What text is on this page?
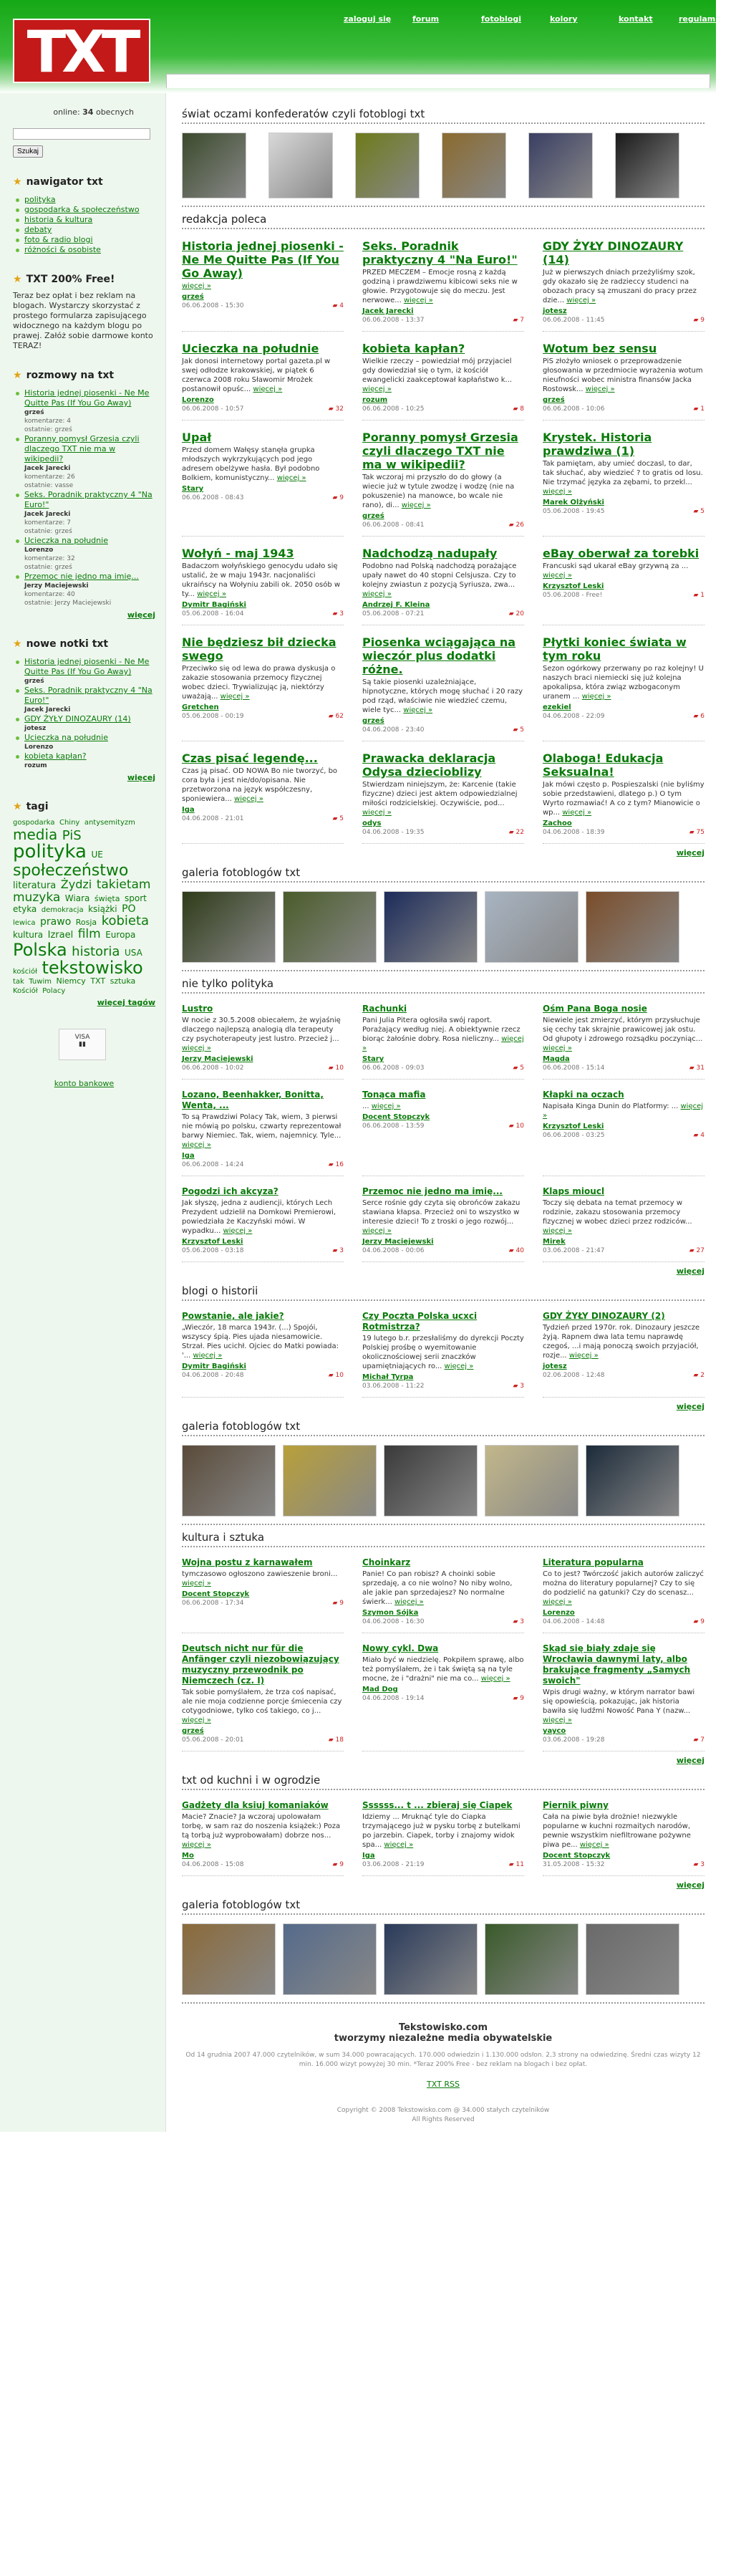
TXT	zaloguj się	forum	fotoblogi	kolory	kontakt	regulamin
online: 34 obecnych
Szukaj
★ nawigator txt
polityka
gospodarka & społeczeństwo
historia & kultura
debaty
foto & radio blogi
różności & osobiste
★ TXT 200% Free!

Teraz bez opłat i bez reklam na blogach. Wystarczy skorzystać z prostego formularza zapisującego widocznego na każdym blogu po prawej. Załóż sobie darmowe konto TERAZ!

★ rozmowy na txt
Historia jednej piosenki - Ne Me Quitte Pas (If You Go Away)
grześ
komentarze: 4
ostatnie: grześ
Poranny pomysł Grzesia czyli dlaczego TXT nie ma w wikipedii?
Jacek Jarecki
komentarze: 26
ostatnie: vasse
Seks. Poradnik praktyczny 4 "Na Euro!"
Jacek Jarecki
komentarze: 7
ostatnie: grześ
Ucieczka na południe
Lorenzo
komentarze: 32
ostatnie: grześ
Przemoc nie jedno ma imię...
Jerzy Maciejewski
komentarze: 40
ostatnie: Jerzy Maciejewski
więcej
★ nowe notki txt
Historia jednej piosenki - Ne Me Quitte Pas (If You Go Away)
grześ
Seks. Poradnik praktyczny 4 "Na Euro!"
Jacek Jarecki
GDY ŻYŁY DINOZAURY (14)
jotesz
Ucieczka na południe
Lorenzo
kobieta kapłan?
rozum
więcej
★ tagi
gospodarka Chiny antysemityzm media PiS polityka UE społeczeństwo literatura Żydzi takietam muzyka Wiara święta sport etyka demokracja książki PO lewica prawo Rosja kobieta kultura Izrael film Europa Polska historia USA kościół tekstowisko tak Tuwim Niemcy TXT sztuka Kościół Polacy
więcej tagów
VISA
▮▮
konto bankowe
świat oczami konfederatów czyli fotoblogi txt
redakcja poleca
Historia jednej piosenki - Ne Me Quitte Pas (If You Go Away)

więcej »

grześ
06.06.2008 - 15:30	▰ 4
Seks. Poradnik praktyczny 4 "Na Euro!"

PRZED MECZEM – Emocje rosną z każdą godziną i prawdziwemu kibicowi seks nie w głowie. Przygotowuje się do meczu. Jest nerwowe... więcej »

Jacek Jarecki
06.06.2008 - 13:37	▰ 7
GDY ŻYŁY DINOZAURY (14)

Już w pierwszych dniach przeżyliśmy szok, gdy okazało się że radzieccy studenci na obozach pracy są zmuszani do pracy przez dzie... więcej »

jotesz
06.06.2008 - 11:45	▰ 9
Ucieczka na południe

Jak donosi internetowy portal gazeta.pl w swej odłodze krakowskiej, w piątek 6 czerwca 2008 roku Sławomir Mrożek postanowił opuśc... więcej »

Lorenzo
06.06.2008 - 10:57	▰ 32
kobieta kapłan?

Wielkie rzeczy – powiedział mój przyjaciel gdy dowiedział się o tym, iż kościół ewangelicki zaakceptował kapłaństwo k... więcej »

rozum
06.06.2008 - 10:25	▰ 8
Wotum bez sensu

PiS złożyło wniosek o przeprowadzenie głosowania w przedmiocie wyrażenia wotum nieufności wobec ministra finansów Jacka Rostowsk... więcej »

grześ
06.06.2008 - 10:06	▰ 1
Upał

Przed domem Wałęsy stanęła grupka młodszych wykrzykujących pod jego adresem obelżywe hasła. Był podobno Bolkiem, komunistyczny... więcej »

Stary
06.06.2008 - 08:43	▰ 9
Poranny pomysł Grzesia czyli dlaczego TXT nie ma w wikipedii?

Tak wczoraj mi przyszło do do głowy (a wiecie już w tytule zwodzę i wodzę (nie na pokuszenie) na manowce, bo wcale nie rano), di... więcej »

grześ
06.06.2008 - 08:41	▰ 26
Krystek. Historia prawdziwa (1)

Tak pamiętam, aby umieć doczasl, to dar, tak słuchać, aby wiedzieć ? to gratis od losu. Nie trzymać języka za zębami, to przekl... więcej »

Marek Olżyński
05.06.2008 - 19:45	▰ 5
Wołyń - maj 1943

Badaczom wołyńskiego genocydu udało się ustalić, że w maju 1943r. nacjonaliści ukraińscy na Wołyniu zabili ok. 2050 osób w ty... więcej »

Dymitr Bagiński
05.06.2008 - 16:04	▰ 3
Nadchodzą nadupały

Podobno nad Polską nadchodzą porażające upały nawet do 40 stopni Celsjusza. Czy to kolejny zwiastun z pozycją Syriusza, zwa... więcej »

Andrzej F. Kleina
05.06.2008 - 07:21	▰ 20
eBay oberwał za torebki

Francuski sąd ukarał eBay grzywną za ... więcej »

Krzysztof Leski
05.06.2008 - Free!	▰ 1
Nie będziesz bił dziecka swego

Przeciwko się od lewa do prawa dyskusja o zakazie stosowania przemocy fizycznej wobec dzieci. Trywializując ją, niektórzy uważają... więcej »

Gretchen
05.06.2008 - 00:19	▰ 62
Piosenka wciągająca na wieczór plus dodatki różne.

Są takie piosenki uzależniające, hipnotyczne, których mogę słuchać i 20 razy pod rząd, właściwie nie wiedzieć czemu, wiele tyc... więcej »

grześ
04.06.2008 - 23:40	▰ 5
Płytki koniec świata w tym roku

Sezon ogórkowy przerwany po raz kolejny! U naszych braci niemiecki się już kolejna apokalipsa, która związ wzbogaconym uranem ... więcej »

ezekiel
04.06.2008 - 22:09	▰ 6
Czas pisać legendę...

Czas ją pisać. OD NOWA Bo nie tworzyć, bo cora była i jest nie/do/opisana. Nie przetworzona na język współczesny, sponiewiera... więcej »

Iga
04.06.2008 - 21:01	▰ 5
Prawacka deklaracja Odysa dziecioblizy

Stwierdzam niniejszym, że: Karcenie (takie fizyczne) dzieci jest aktem odpowiedzialnej miłości rodzicielskiej. Oczywiście, pod... więcej »

odys
04.06.2008 - 19:35	▰ 22
Olaboga! Edukacja Seksualna!

Jak mówi często p. Pospieszalski (nie byliśmy sobie przedstawieni, dlatego p.) O tym Wyrto rozmawiać! A co z tym? Mianowicie o wp... więcej »

Zachoo
04.06.2008 - 18:39	▰ 75
więcej
galeria fotoblogów txt
nie tylko polityka
Lustro

W nocie z 30.5.2008 obiecałem, że wyjaśnię dlaczego najlepszą analogią dla terapeuty czy psychoterapeuty jest lustro. Przecież j... więcej »

Jerzy Maciejewski
06.06.2008 - 10:02	▰ 10
Rachunki

Pani Julia Pitera ogłosiła swój raport. Porażający według niej. A obiektywnie rzecz biorąc żałośnie dobry. Rosa nieliczny... więcej »

Stary
06.06.2008 - 09:03	▰ 5
Ośm Pana Boga nosie

Niewiele jest zmierzyć, którym przysłuchuje się cechy tak skrajnie prawicowej jak ostu. Od głupoty i zdrowego rozsądku poczyniąc... więcej »

Magda
06.06.2008 - 15:14	▰ 31
Lozano, Beenhakker, Bonitta, Wenta, ...

To są Prawdziwi Polacy Tak, wiem, 3 pierwsi nie mówią po polsku, czwarty reprezentował barwy Niemiec. Tak, wiem, najemnicy. Tyle... więcej »

Iga
06.06.2008 - 14:24	▰ 16
Tonąca mafia

... więcej »

Docent Stopczyk
06.06.2008 - 13:59	▰ 10
Kłapki na oczach

Napisała Kinga Dunin do Platformy: ... więcej »

Krzysztof Leski
06.06.2008 - 03:25	▰ 4
Pogodzi ich akcyza?

Jak słyszę, jedna z audiencji, których Lech Prezydent udzielił na Domkowi Premierowi, powiedziała że Kaczyński mówi. W wypadku... więcej »

Krzysztof Leski
05.06.2008 - 03:18	▰ 3
Przemoc nie jedno ma imię...

Serce rośnie gdy czyta się obrońców zakazu stawiana kłapsa. Przecież oni to wszystko w interesie dzieci! To z troski o jego rozwój... więcej »

Jerzy Maciejewski
04.06.2008 - 00:06	▰ 40
Klaps mioucl

Toczy się debata na temat przemocy w rodzinie, zakazu stosowania przemocy fizycznej w wobec dzieci przez rodziców... więcej »

Mirek
03.06.2008 - 21:47	▰ 27
więcej
blogi o historii
Powstanie, ale jakie?

„Wieczór, 18 marca 1943r. (...) Spojói, wszyscy śpią. Pies ujada niesamowicie. Strzał. Pies ucichł. Ojciec do Matki powiada: '... więcej »

Dymitr Bagiński
04.06.2008 - 20:48	▰ 10
Czy Poczta Polska ucxci Rotmistrza?

19 lutego b.r. przesłaliśmy do dyrekcji Poczty Polskiej prośbę o wyemitowanie okolicznościowej serii znaczków upamiętniających ro... więcej »

Michał Tyrpa
03.06.2008 - 11:22	▰ 3
GDY ŻYŁY DINOZAURY (2)

Tydzień przed 1970r. rok. Dinozaury jeszcze żyją. Rapnem dwa lata temu naprawdę czegoś, ...i mają ponoczą swoich przyjaciół, rozje... więcej »

jotesz
02.06.2008 - 12:48	▰ 2
więcej
galeria fotoblogów txt
kultura i sztuka
Wojna postu z karnawałem

tymczasowo ogłoszono zawieszenie broni... więcej »

Docent Stopczyk
06.06.2008 - 17:34	▰ 9
Choinkarz

Panie! Co pan robisz? A choinki sobie sprzedaję, a co nie wolno? No niby wolno, ale jakie pan sprzedajesz? No normalne świerk... więcej »

Szymon Sójka
04.06.2008 - 16:30	▰ 3
Literatura popularna

Co to jest? Twórczość jakich autorów zaliczyć można do literatury popularnej? Czy to się do podzielić na gatunki? Czy do scenasz... więcej »

Lorenzo
04.06.2008 - 14:48	▰ 9
Deutsch nicht nur für die Anfänger czyli niezobowiązujący muzyczny przewodnik po Niemczech (cz. I)

Tak sobie pomyślałem, że trza coś napisać, ale nie moja codzienne porcje śmiecenia czy cotygodniowe, tylko coś takiego, co j... więcej »

grześ
05.06.2008 - 20:01	▰ 18
Nowy cykl. Dwa

Miało być w niedzielę. Pokpiłem sprawę, albo też pomyślałem, że i tak świętą są na tyle mocne, że i "drażni" nie ma co... więcej »

Mad Dog
04.06.2008 - 19:14	▰ 9
Skąd się biały zdaje się Wrocławia dawnymi laty, albo brakujące fragmenty „Samych swoich"

Wpis drugi ważny, w którym narrator bawi się opowieścią, pokazując, jak historia bawiła się ludźmi Nowość Pana Y (nazw... więcej »

yayco
03.06.2008 - 19:28	▰ 7
więcej
txt od kuchni i w ogrodzie
Gadżety dla ksiuj komaniaków

Macie? Znacie? Ja wczoraj upolowałam torbę, w sam raz do noszenia książek:) Poza tą torbą już wyprobowałam) dobrze nos... więcej »

Mo
04.06.2008 - 15:08	▰ 9
Ssssss... t ... zbieraj się Ciapek

Idziemy ... Mruknąć tyle do Ciapka trzymającego już w pysku torbę z butelkami po jarzebin. Ciapek, torby i znajomy widok spa... więcej »

Iga
03.06.2008 - 21:19	▰ 11
Piernik piwny

Cała na piwie była drożnie! niezwykle popularne w kuchni rozmaitych narodów, pewnie wszystkim niefiltrowane pożywne piwa pe... więcej »

Docent Stopczyk
31.05.2008 - 15:32	▰ 3
więcej
galeria fotoblogów txt
Tekstowisko.com
tworzymy niezależne media obywatelskie
Od 14 grudnia 2007 47.000 czytelników, w sum 34.000 powracających. 170.000 odwiedzin i 1.130.000 odsłon. 2,3 strony na odwiedzinę. Średni czas wizyty 12 min. 16.000 wizyt powyżej 30 min. *Teraz 200% Free - bez reklam na blogach i bez opłat.
TXT RSS
Copyright © 2008 Tekstowisko.com @ 34.000 stałych czytelników
All Rights Reserved
